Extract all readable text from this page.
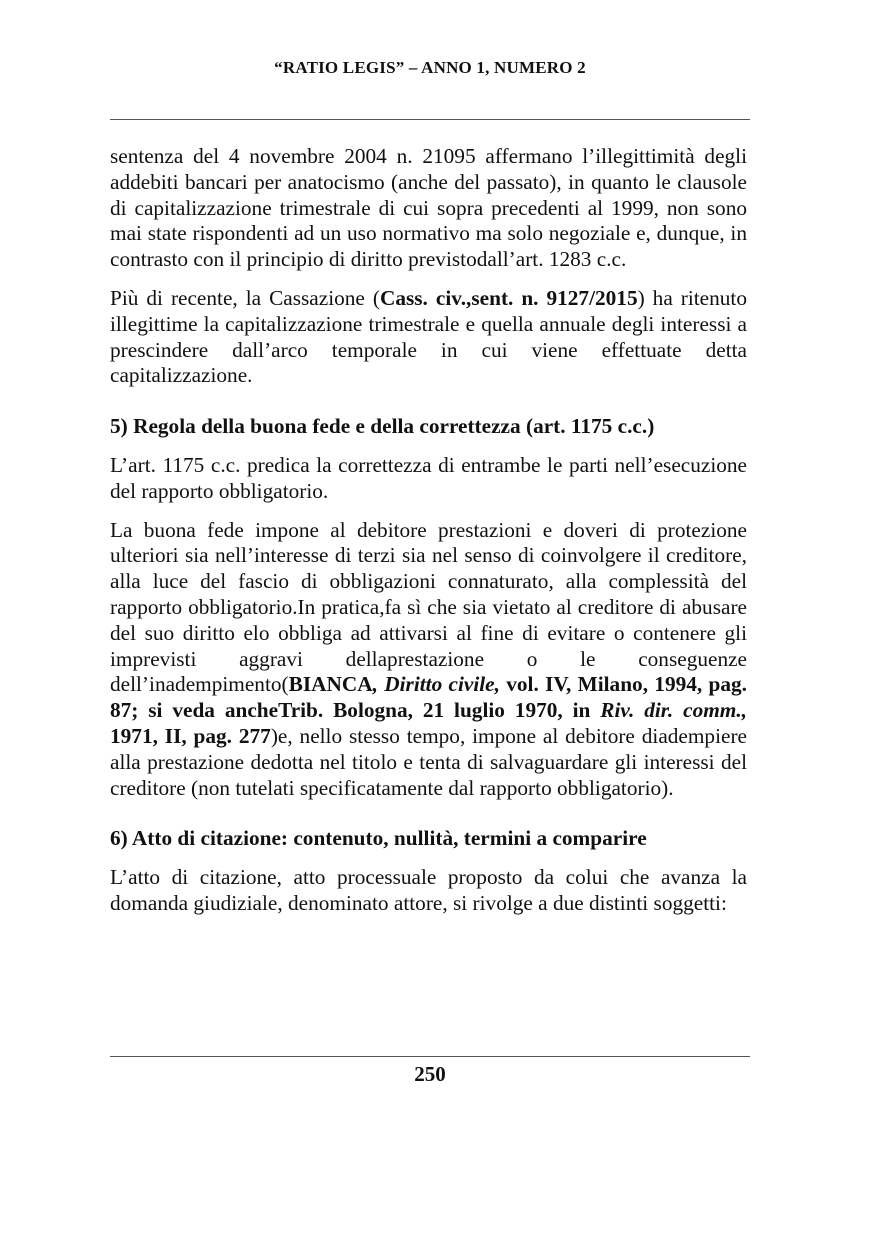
“RATIO LEGIS” – ANNO 1, NUMERO 2

sentenza del 4 novembre 2004 n. 21095 affermano l’illegittimità degli addebiti bancari per anatocismo (anche del passato), in quanto le clausole di capitalizzazione trimestrale di cui sopra precedenti al 1999, non sono mai state rispondenti ad un uso normativo ma solo negoziale e, dunque, in contrasto con il principio di diritto previstodall’art. 1283 c.c.

Più di recente, la Cassazione (Cass. civ.,sent. n. 9127/2015) ha ritenuto illegittime la capitalizzazione trimestrale e quella annuale degli interessi a prescindere dall’arco temporale in cui viene effettuate detta capitalizzazione.

5) Regola della buona fede e della correttezza (art. 1175 c.c.)

L’art. 1175 c.c. predica la correttezza di entrambe le parti nell’esecuzione del rapporto obbligatorio.

La buona fede impone al debitore prestazioni e doveri di protezione ulteriori sia nell’interesse di terzi sia nel senso di coinvolgere il creditore, alla luce del fascio di obbligazioni connaturato, alla complessità del rapporto obbligatorio.In pratica,fa sì che sia vietato al creditore di abusare del suo diritto elo obbliga ad attivarsi al fine di evitare o contenere gli imprevisti aggravi dellaprestazione o le conseguenze dell’inadempimento(BIANCA, Diritto civile, vol. IV, Milano, 1994, pag. 87; si veda ancheTrib. Bologna, 21 luglio 1970, in Riv. dir. comm., 1971, II, pag. 277)e, nello stesso tempo, impone al debitore diadempiere alla prestazione dedotta nel titolo e tenta di salvaguardare gli interessi del creditore (non tutelati specificatamente dal rapporto obbligatorio).

6) Atto di citazione: contenuto, nullità, termini a comparire

L’atto di citazione, atto processuale proposto da colui che avanza la domanda giudiziale, denominato attore, si rivolge a due distinti soggetti:

250
